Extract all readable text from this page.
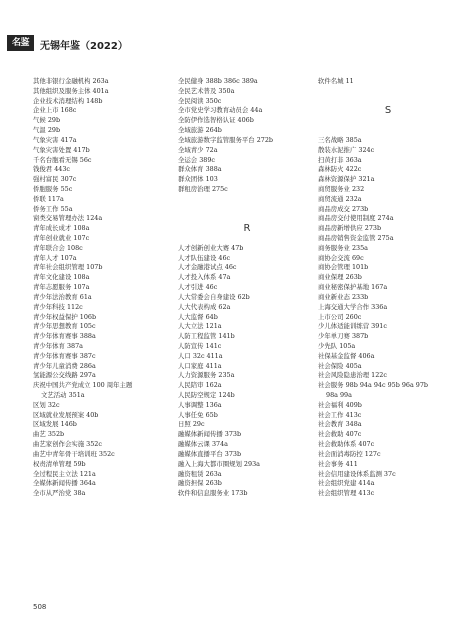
名鉴	无锡年鉴（2022）
其他非银行金融机构 263a
其他组织及服务主体 401a
企业技术消理结构 148b
企业上市 168c
气候 29b
气温 29b
气象灾害 417a
气象灾害处置 417b
千名台胞看无锡 56c
钱俊君 443c
强村富民 307c
侨胞服务 55c
侨联 117a
侨务工作 55a
窗类交易管理办法 124a
青年成长成才 108a
青年创业就业 107c
青年联合会 108c
青年人才 107a
青年社会组织管理 107b
青年文化建设 108a
青年志愿服务 107a
青少年法治教育 61a
青少年科技 112c
青少年权益保护 106b
青少年思想教育 105c
青少年体育赛事 388a
青少年体育 387a
青少年体育赛事 387c
青少年儿童消费 286a
氢能源公交线路 297a
庆祝中国共产党成立 100 周年主题
文艺活动 351a
区划 32c
区域就业发展预案 40b
区域发展 146b
曲艺 352b
曲艺家创作会实施 352c
曲艺中青年骨干培训班 352c
权责清单管理 59b
全过程民主立法 121a
全媒体新闻传播 364a
全市从严治党 38a
全民健身 388b 386c 389a
全民艺术普及 350a
全民阅读 350c
全市党史学习教育动员会 44a
全防伊作选智格认证 406b
全域旅游 264b
全域旅游数字监管服务平台 272b
全域青少 72a
全运会 389c
群众体育 388a
群众团体 103
群租房治理 275c
R
人才创新创业大赛 47b
人才队伍建设 46c
人才金融港试点 46c
人才投入体系 47a
人才引进 46c
人大常委会自身建设 62b
人大代表构成 62a
人大监督 64b
人大立法 121a
人防工程监管 141b
人防宣传 141c
人口 32c 411a
人口家庭 411a
人力资源服务 235a
人民陪审 162a
人民防空规定 124b
人事调整 136a
人事任免 65b
日照 29c
融媒体新闻传播 373b
融媒体云课 374a
融媒体直播平台 373b
融入上海大都市圈规划 293a
融资租赁 263a
融资担保 263b
软件和信息服务业 173b
软件名城 11
S
三名战略 385a
散装水泥推广 324c
扫黄打非 363a
森林防火 422c
森林资源保护 321a
商贸服务业 232
商贸流通 232a
商品房成交 273b
商品房交付使用制度 274a
商品房新增供应 273b
商品房销售资金监管 275a
商务服务业 235a
商协会交流 69c
商协会管理 101b
商业保理 263b
商业秘密保护基地 167a
商业新业态 233b
上海交通大学合作 336a
上市公司 260c
少儿体适能训练营 391c
少年单刀赛 387b
少先队 105a
社保基金监督 406a
社会保险 405a
社会风险隐患治理 122c
社会服务 98b 94a 94c 95b 96a 97b
98a 99a
社会福利 409b
社会工作 413c
社会教育 348a
社会救助 407c
社会救助体系 407c
社会面消毒防控 127c
社会事务 411
社会信用建设体系监测 37c
社会组织党建 414a
社会组织管理 413c
508
